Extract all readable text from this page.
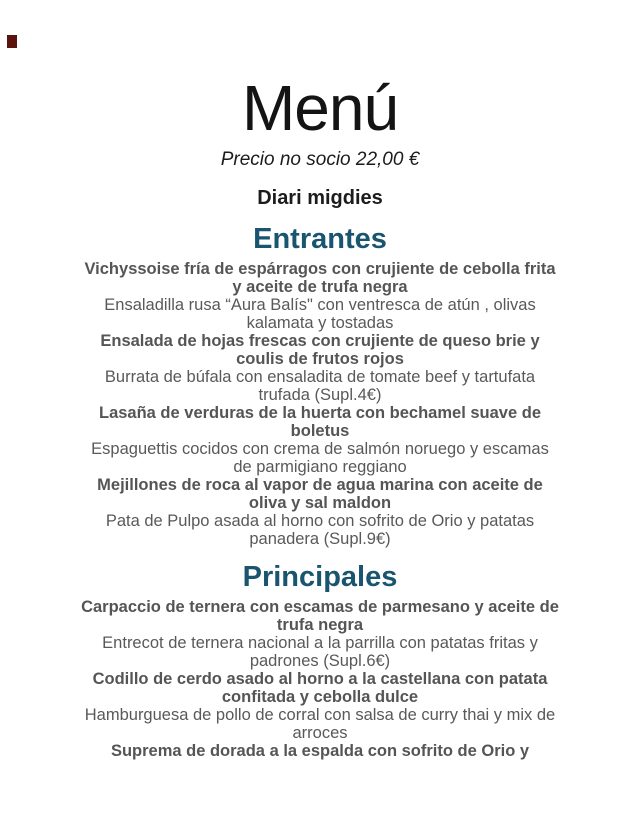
Menú
Precio no socio 22,00 €
Diari migdies
Entrantes

Vichyssoise fría de espárragos con crujiente de cebolla frita y aceite de trufa negra

Ensaladilla rusa “Aura Balís" con ventresca de atún , olivas kalamata y tostadas

Ensalada de hojas frescas con crujiente de queso brie y coulis de frutos rojos

Burrata de búfala con ensaladita de tomate beef y tartufata trufada (Supl.4€)

Lasaña de verduras de la huerta con bechamel suave de boletus

Espaguettis cocidos con crema de salmón noruego y escamas de parmigiano reggiano

Mejillones de roca al vapor de agua marina con aceite de oliva y sal maldon

Pata de Pulpo asada al horno con sofrito de Orio y patatas panadera (Supl.9€)

Principales

Carpaccio de ternera con escamas de parmesano y aceite de trufa negra

Entrecot de ternera nacional a la parrilla con patatas fritas y padrones (Supl.6€)

Codillo de cerdo asado al horno a la castellana con patata confitada y cebolla dulce

Hamburguesa de pollo de corral con salsa de curry thai y mix de arroces

Suprema de dorada a la espalda con sofrito de Orio y
